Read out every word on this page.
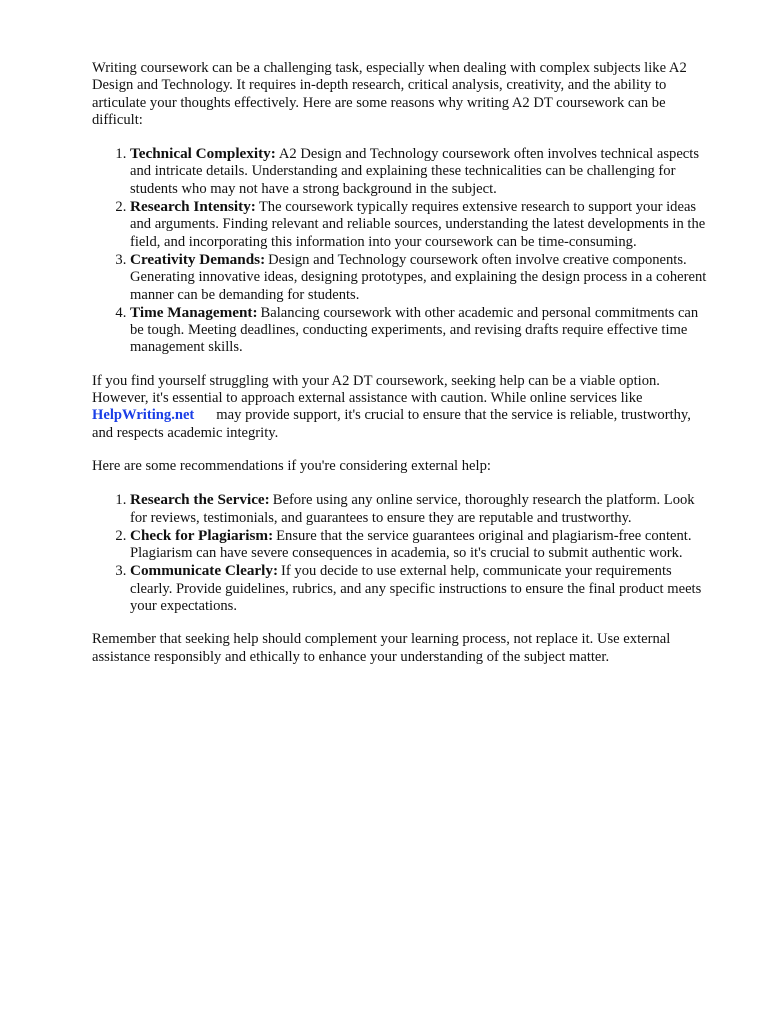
Writing coursework can be a challenging task, especially when dealing with complex subjects like A2 Design and Technology. It requires in-depth research, critical analysis, creativity, and the ability to articulate your thoughts effectively. Here are some reasons why writing A2 DT coursework can be difficult:

1. Technical Complexity: A2 Design and Technology coursework often involves technical aspects and intricate details. Understanding and explaining these technicalities can be challenging for students who may not have a strong background in the subject.
2. Research Intensity: The coursework typically requires extensive research to support your ideas and arguments. Finding relevant and reliable sources, understanding the latest developments in the field, and incorporating this information into your coursework can be time-consuming.
3. Creativity Demands: Design and Technology coursework often involve creative components. Generating innovative ideas, designing prototypes, and explaining the design process in a coherent manner can be demanding for students.
4. Time Management: Balancing coursework with other academic and personal commitments can be tough. Meeting deadlines, conducting experiments, and revising drafts require effective time management skills.

If you find yourself struggling with your A2 DT coursework, seeking help can be a viable option. However, it's essential to approach external assistance with caution. While online services like
HelpWriting.net may provide support, it's crucial to ensure that the service is reliable, trustworthy, and respects academic integrity.

Here are some recommendations if you're considering external help:

1. Research the Service: Before using any online service, thoroughly research the platform. Look for reviews, testimonials, and guarantees to ensure they are reputable and trustworthy.
2. Check for Plagiarism: Ensure that the service guarantees original and plagiarism-free content. Plagiarism can have severe consequences in academia, so it's crucial to submit authentic work.
3. Communicate Clearly: If you decide to use external help, communicate your requirements clearly. Provide guidelines, rubrics, and any specific instructions to ensure the final product meets your expectations.

Remember that seeking help should complement your learning process, not replace it. Use external assistance responsibly and ethically to enhance your understanding of the subject matter.
